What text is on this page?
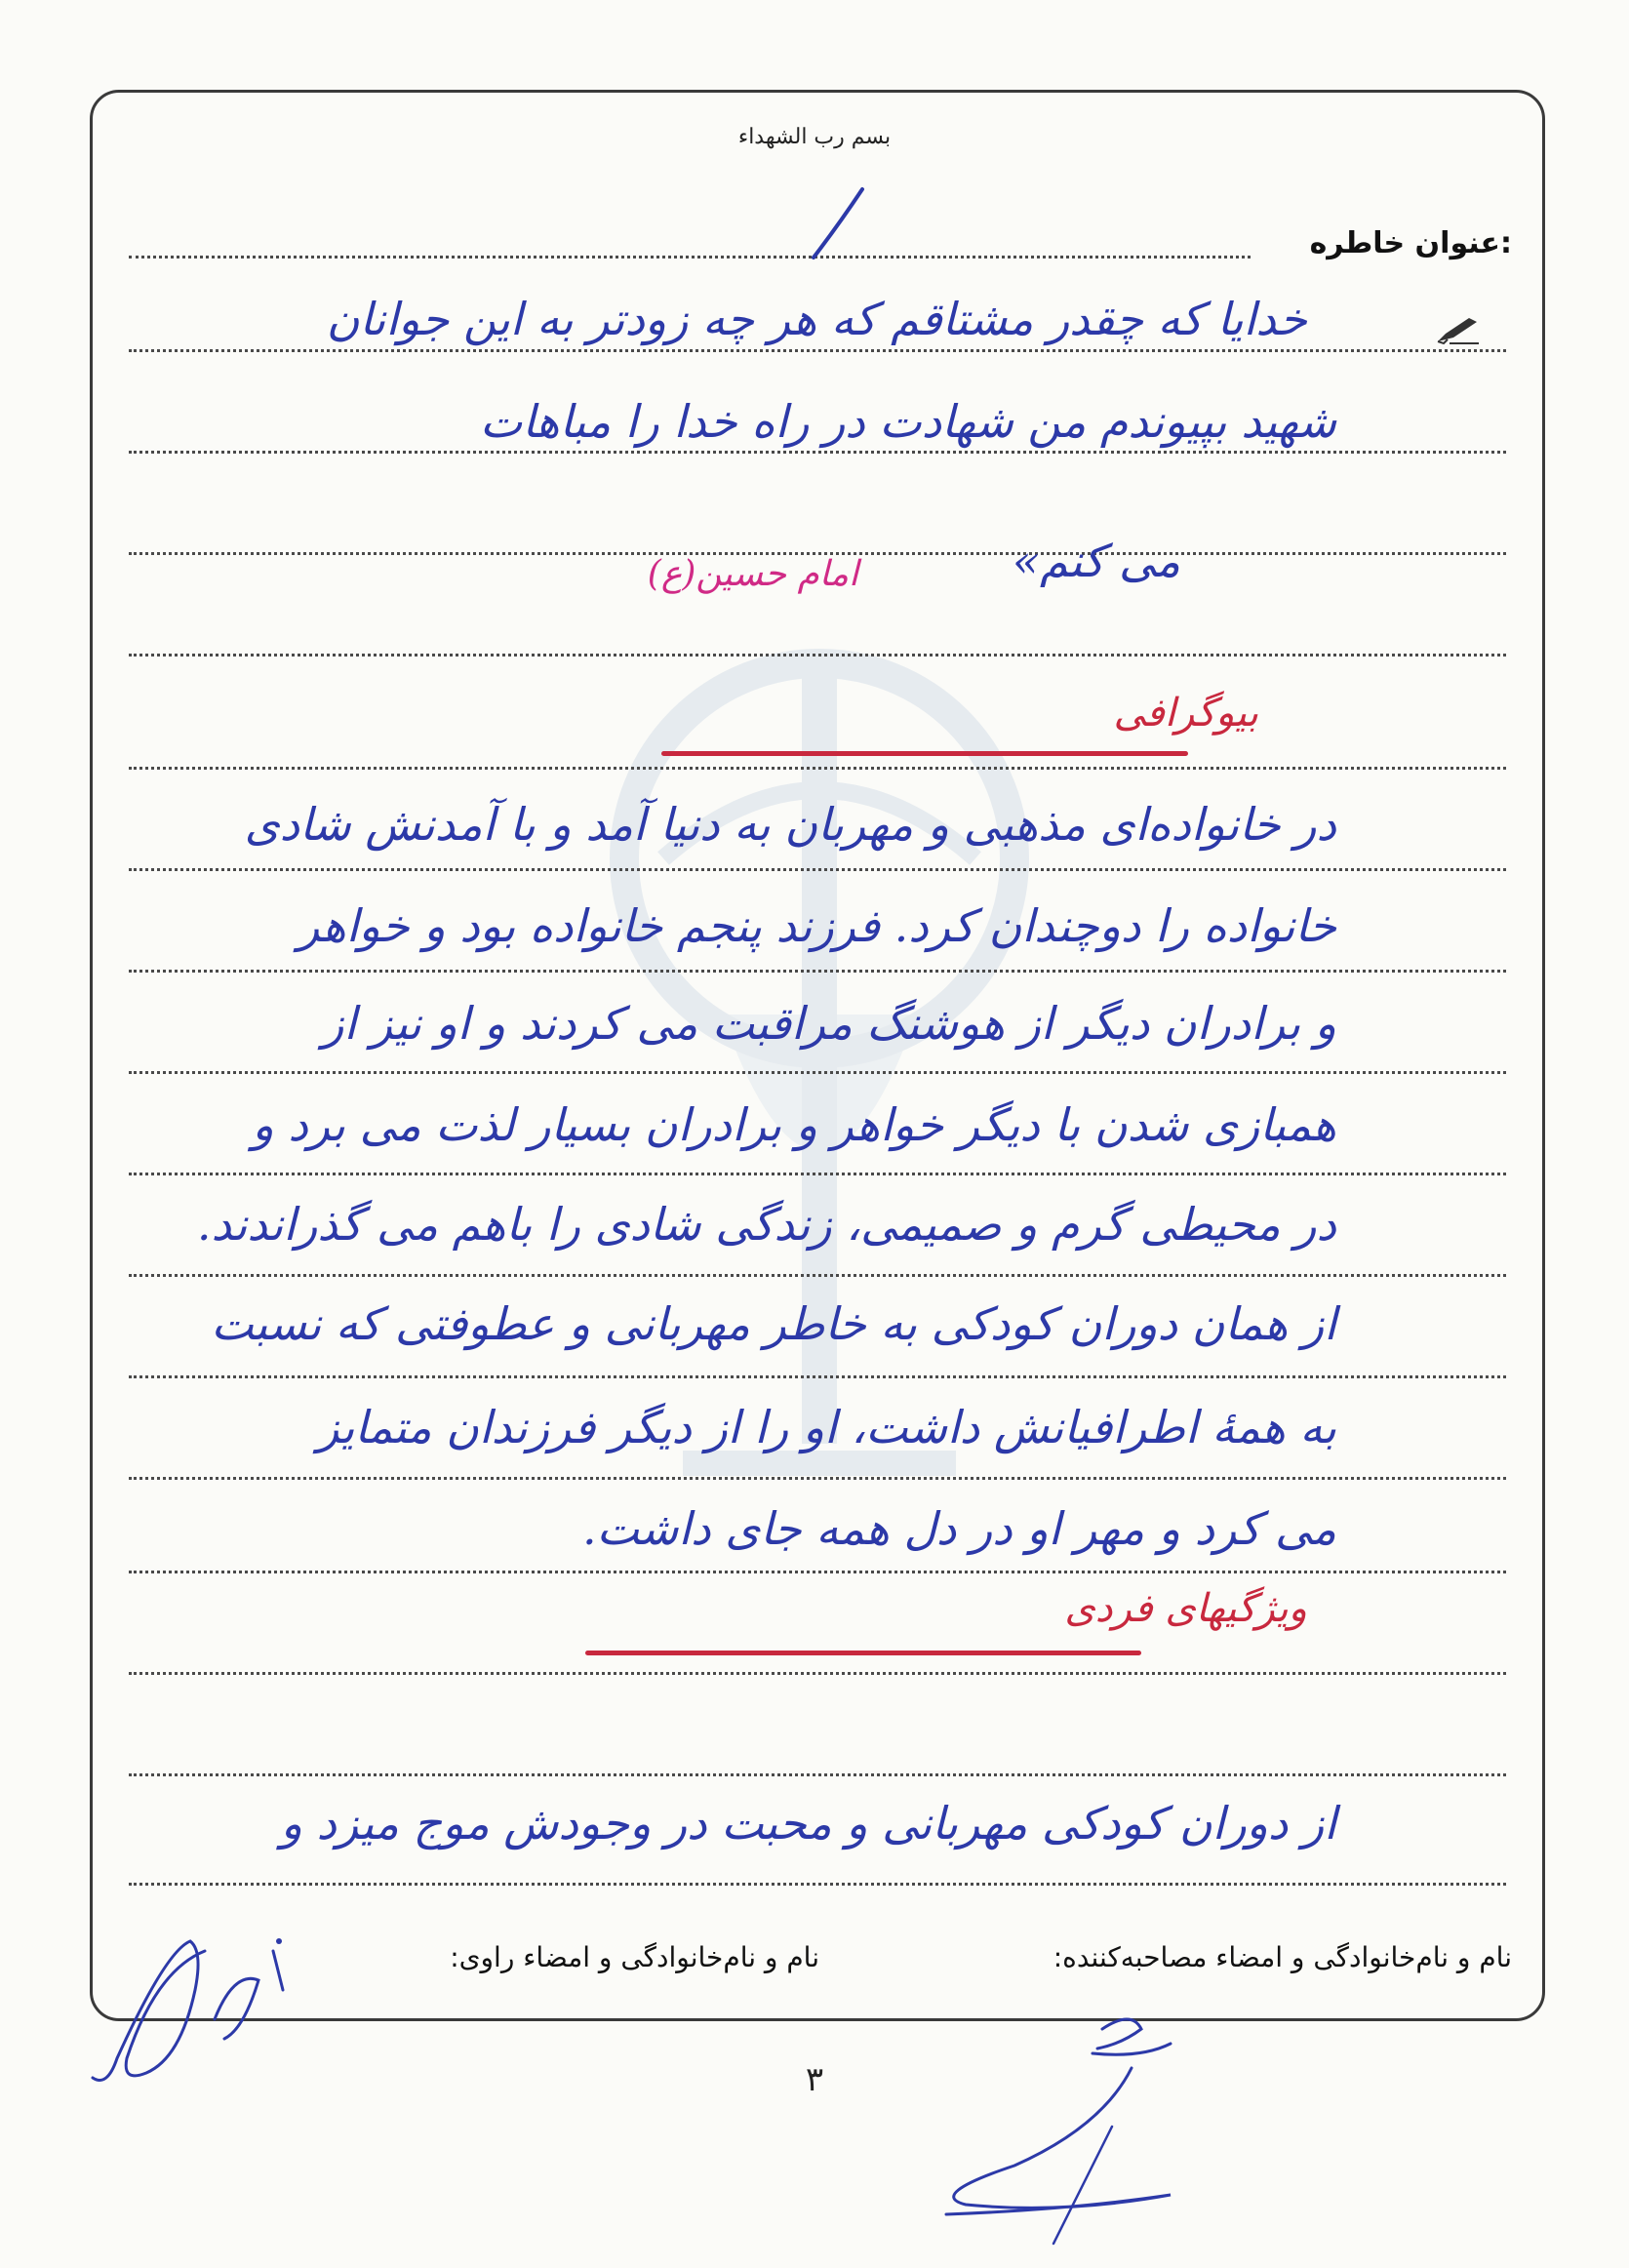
بسم رب الشهداء
عنوان خاطره:
خدایا که چقدر مشتاقم که هر چه زودتر به این جوانان
شهید بپیوندم من شهادت در راه خدا را مباهات
می کنم»
امام حسین(ع)
بیوگرافی
در خانواده‌ای مذهبی و مهربان به دنیا آمد و با آمدنش شادی
خانواده را دوچندان کرد. فرزند پنجم خانواده بود و خواهر
و برادران دیگر از هوشنگ مراقبت می کردند و او نیز از
همبازی شدن با دیگر خواهر و برادران بسیار لذت می برد و
در محیطی گرم و صمیمی، زندگی شادی را باهم می گذراندند.
از همان دوران کودکی به خاطر مهربانی و عطوفتی که نسبت
به همهٔ اطرافیانش داشت، او را از دیگر فرزندان متمایز
می کرد و مهر او در دل همه جای داشت.
ویژگیهای فردی
از دوران کودکی مهربانی و محبت در وجودش موج میزد و
نام و نام‌خانوادگی و امضاء مصاحبه‌کننده:
نام و نام‌خانوادگی و امضاء راوی:
۳
